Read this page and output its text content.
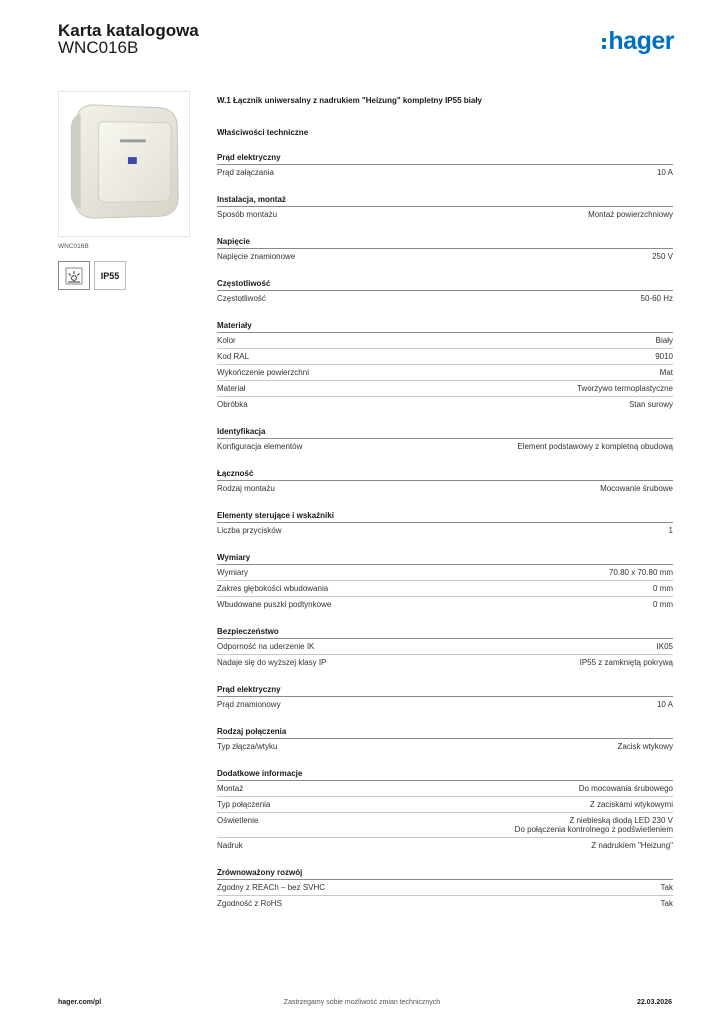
Karta katalogowa
WNC016B	hager
WNC016B
IP55
W.1 Łącznik uniwersalny z nadrukiem "Heizung" kompletny IP55 biały
Właściwości techniczne
Prąd elektryczny
Prąd załączania	10 A
Instalacja, montaż
Sposób montażu	Montaż powierzchniowy
Napięcie
Napięcie znamionowe	250 V
Częstotliwość
Częstotliwość	50-60 Hz
Materiały
Kolor	Biały
Kod RAL	9010
Wykończenie powierzchni	Mat
Materiał	Tworzywo termoplastyczne
Obróbka	Stan surowy
Identyfikacja
Konfiguracja elementów	Element podstawowy z kompletną obudową
Łączność
Rodzaj montażu	Mocowanie śrubowe
Elementy sterujące i wskaźniki
Liczba przycisków	1
Wymiary
Wymiary	70.80 x 70.80 mm
Zakres głębokości wbudowania	0 mm
Wbudowane puszki podtynkowe	0 mm
Bezpieczeństwo
Odporność na uderzenie IK	IK05
Nadaje się do wyższej klasy IP	IP55 z zamkniętą pokrywą
Prąd elektryczny
Prąd znamionowy	10 A
Rodzaj połączenia
Typ złącza/wtyku	Zacisk wtykowy
Dodatkowe informacje
Montaż	Do mocowania śrubowego
Typ połączenia	Z zaciskami wtykowymi
Oświetlenie	Z niebieską diodą LED 230 V
Do połączenia kontrolnego z podświetleniem
Nadruk	Z nadrukiem "Heizung"
Zrównoważony rozwój
Zgodny z REACh – bez SVHC	Tak
Zgodność z RoHS	Tak
hager.com/pl	Zastrzegamy sobie możliwość zmian technicznych	22.03.2026
